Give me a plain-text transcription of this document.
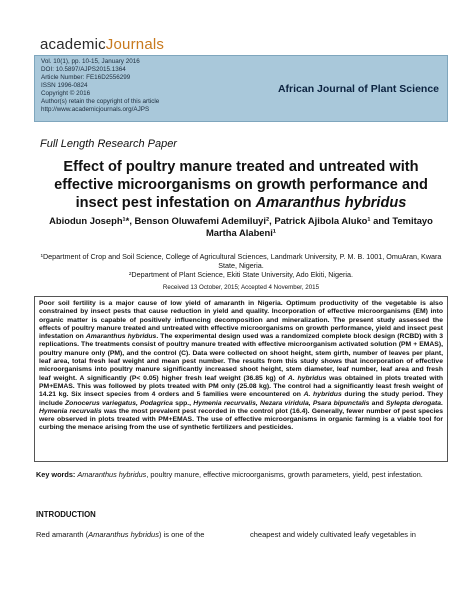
academicJournals
Vol. 10(1), pp. 10-15, January 2016
DOI: 10.5897/AJPS2015.1364
Article Number: FE16D2556299
ISSN 1996-0824
Copyright © 2016
Author(s) retain the copyright of this article
http://www.academicjournals.org/AJPS
African Journal of Plant Science
Full Length Research Paper
Effect of poultry manure treated and untreated with effective microorganisms on growth performance and insect pest infestation on Amaranthus hybridus
Abiodun Joseph¹*, Benson Oluwafemi Ademiluyi², Patrick Ajibola Aluko¹ and Temitayo Martha Alabeni¹
¹Department of Crop and Soil Science, College of Agricultural Sciences, Landmark University, P. M. B. 1001, OmuAran, Kwara State, Nigeria.
²Department of Plant Science, Ekiti State University, Ado Ekiti, Nigeria.
Received 13 October, 2015; Accepted 4 November, 2015
Poor soil fertility is a major cause of low yield of amaranth in Nigeria. Optimum productivity of the vegetable is also constrained by insect pests that cause reduction in yield and quality. Incorporation of effective microorganisms (EM) into organic matter is capable of positively influencing decomposition and mineralization. The present study assessed the effects of poultry manure treated and untreated with effective microorganisms on growth performance, yield and insect pest infestation on Amaranthus hybridus. The experimental design used was a randomized complete block design (RCBD) with 3 replications. The treatments consist of poultry manure treated with effective microorganism activated solution (PM + EMAS), poultry manure only (PM), and the control (C). Data were collected on shoot height, stem girth, number of leaves per plant, leaf area, total fresh leaf weight and mean pest number. The results from this study shows that incorporation of effective microorganisms into poultry manure significantly increased shoot height, stem diameter, leaf number, leaf area and fresh leaf weight. A significantly (P< 0.05) higher fresh leaf weight (36.85 kg) of A. hybridus was obtained in plots treated with PM+EMAS. This was followed by plots treated with PM only (25.08 kg). The control had a significantly least fresh weight of 14.21 kg. Six insect species from 4 orders and 5 families were encountered on A. hybridus during the study period. They include Zonocerus variegatus, Podagrica spp., Hymenia recurvalis, Nezara viridula, Psara bipunctalis and Sylepta derogata. Hymenia recurvalis was the most prevalent pest recorded in the control plot (16.4). Generally, fewer number of pest species were observed in plots treated with PM+EMAS. The use of effective microorganisms in organic farming is a viable tool for curbing the menace arising from the use of synthetic fertilizers and pesticides.
Key words: Amaranthus hybridus, poultry manure, effective microorganisms, growth parameters, yield, pest infestation.
INTRODUCTION
Red amaranth (Amaranthus hybridus) is one of the	cheapest and widely cultivated leafy vegetables in
